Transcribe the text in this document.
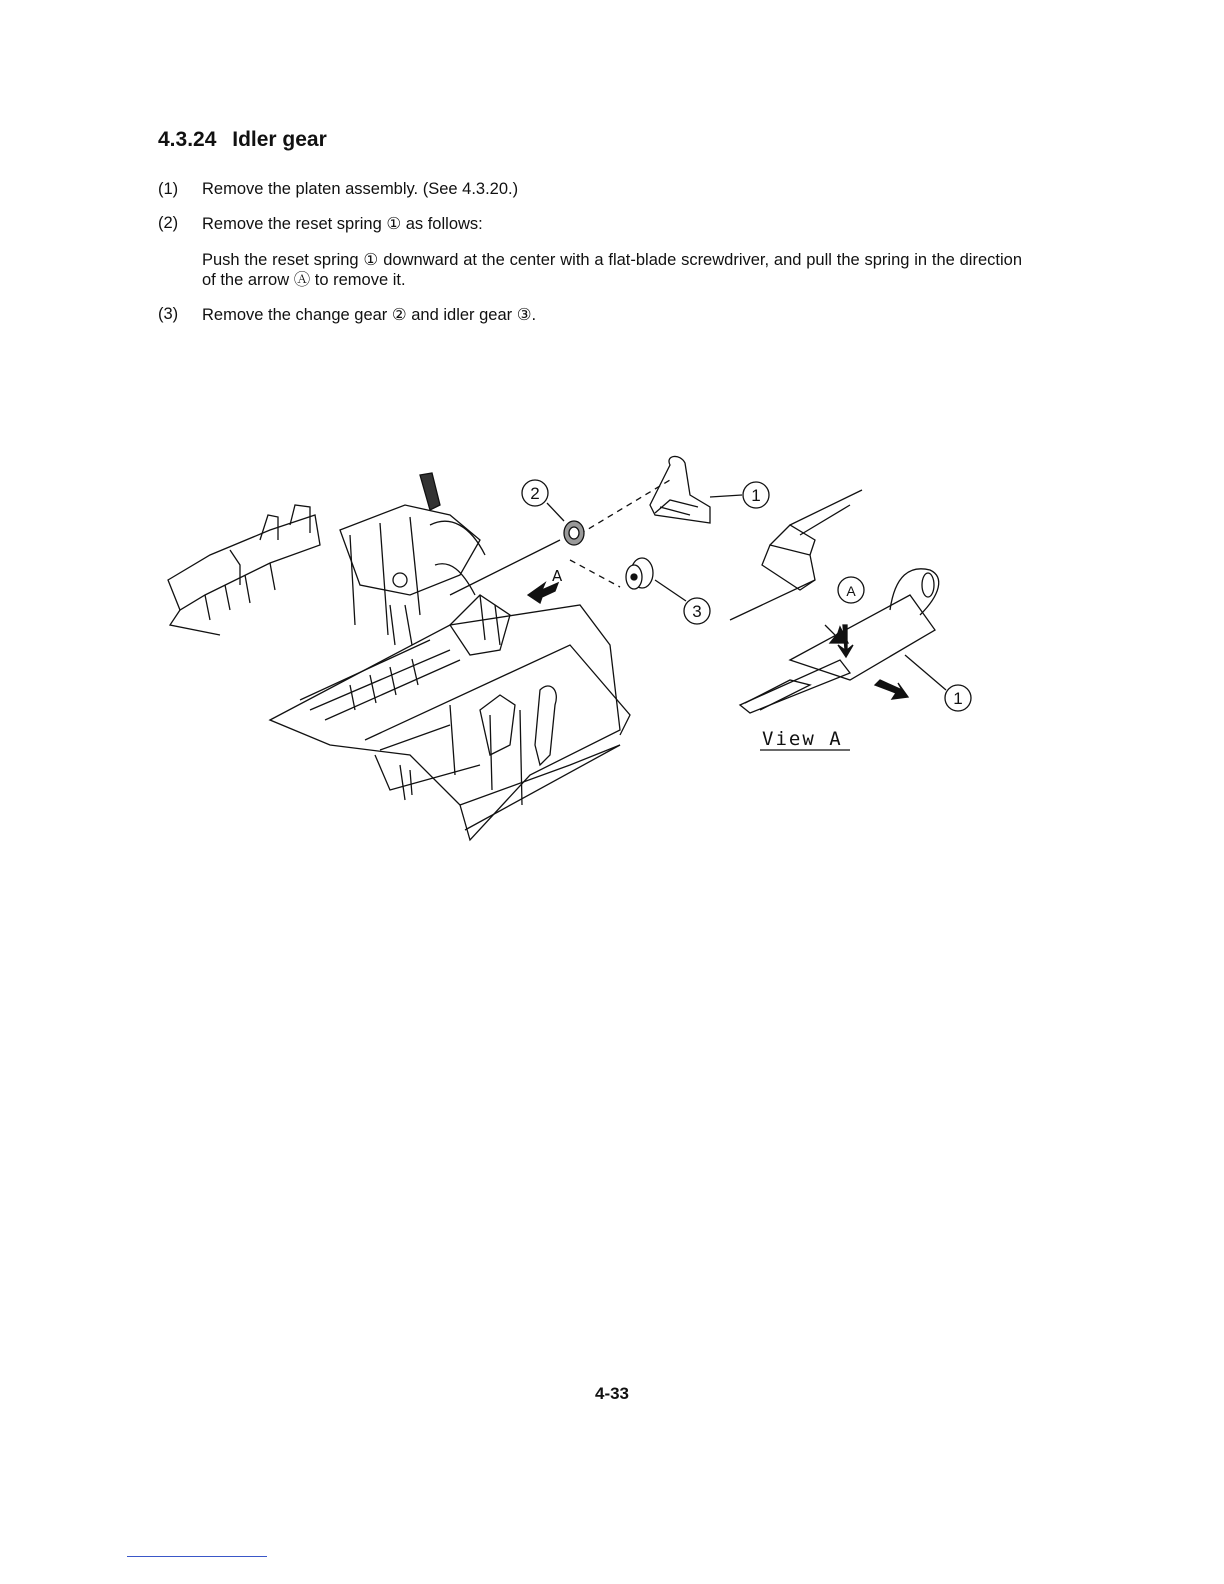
4.3.24 Idler gear
(1) Remove the platen assembly. (See 4.3.20.)
(2) Remove the reset spring ① as follows:
Push the reset spring ① downward at the center with a flat-blade screwdriver, and pull the spring in the direction of the arrow Ⓐ to remove it.
(3) Remove the change gear ② and idler gear ③.
A
1
2
3
A
1
View A
4-33
